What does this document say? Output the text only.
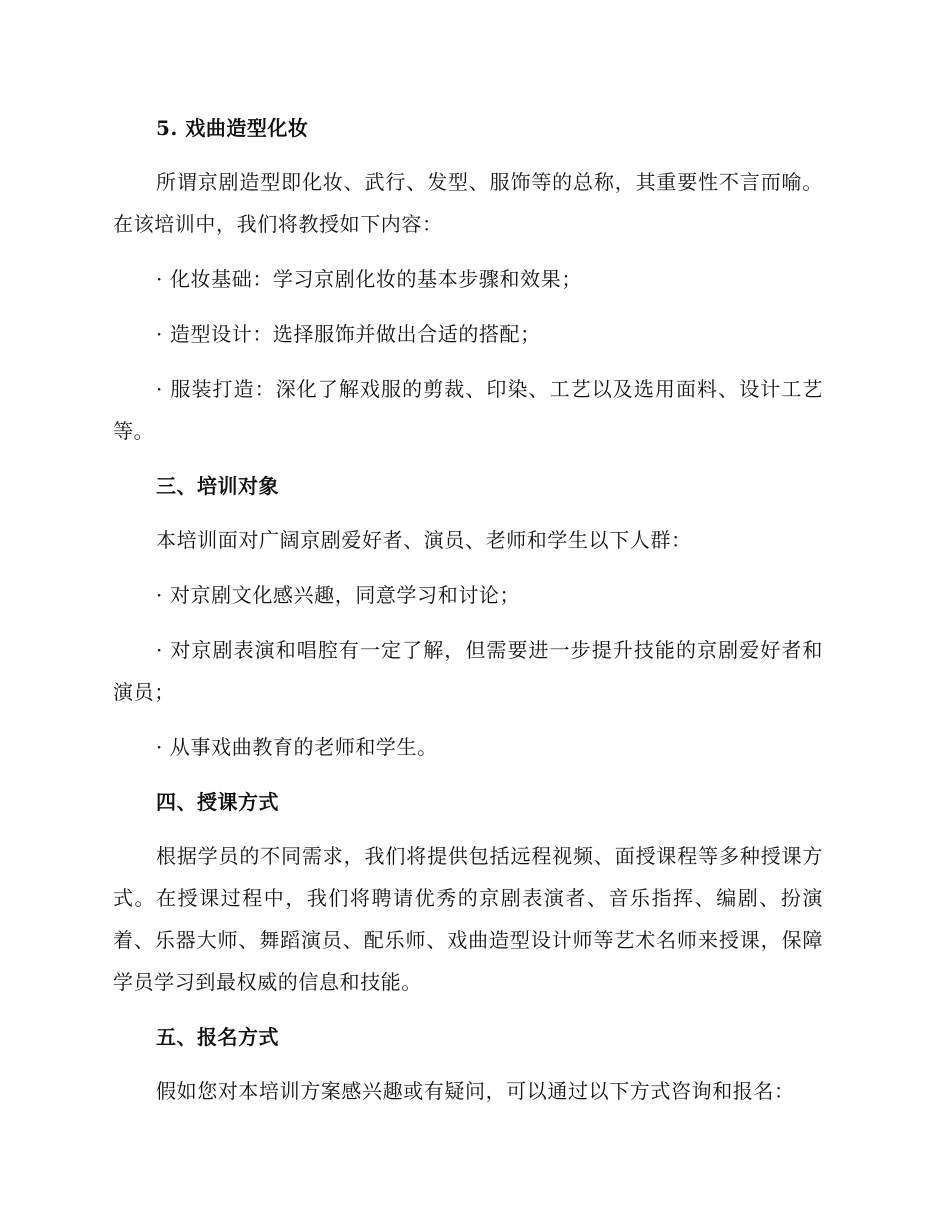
5. 戏曲造型化妆

所谓京剧造型即化妆、武行、发型、服饰等的总称，其重要性不言而喻。在该培训中，我们将教授如下内容：

· 化妆基础：学习京剧化妆的基本步骤和效果；

· 造型设计：选择服饰并做出合适的搭配；

· 服装打造：深化了解戏服的剪裁、印染、工艺以及选用面料、设计工艺等。

三、培训对象

本培训面对广阔京剧爱好者、演员、老师和学生以下人群：

· 对京剧文化感兴趣，同意学习和讨论；

· 对京剧表演和唱腔有一定了解，但需要进一步提升技能的京剧爱好者和演员；

· 从事戏曲教育的老师和学生。

四、授课方式

根据学员的不同需求，我们将提供包括远程视频、面授课程等多种授课方式。在授课过程中，我们将聘请优秀的京剧表演者、音乐指挥、编剧、扮演着、乐器大师、舞蹈演员、配乐师、戏曲造型设计师等艺术名师来授课，保障学员学习到最权威的信息和技能。

五、报名方式

假如您对本培训方案感兴趣或有疑问，可以通过以下方式咨询和报名：
